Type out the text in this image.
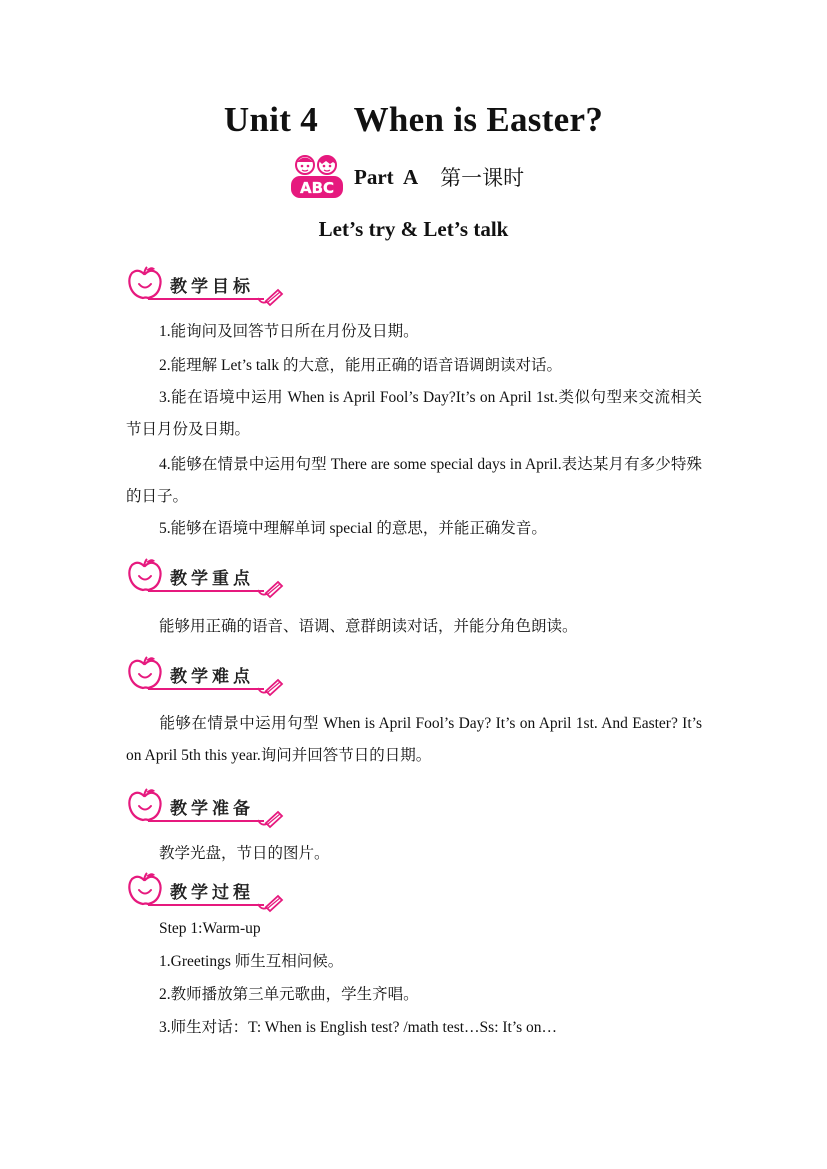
Unit 4    When is Easter?
ABC Part  A 第一课时
Let’s try & Let’s talk
教学目标
1.能询问及回答节日所在月份及日期。
2.能理解 Let’s talk 的大意，能用正确的语音语调朗读对话。
3.能在语境中运用 When is April Fool’s Day?It’s on April 1st.类似句型来交流相关节日月份及日期。
4.能够在情景中运用句型 There are some special days in April.表达某月有多少特殊的日子。
5.能够在语境中理解单词 special 的意思，并能正确发音。
教学重点
能够用正确的语音、语调、意群朗读对话，并能分角色朗读。
教学难点
能够在情景中运用句型 When is April Fool’s Day? It’s on April 1st. And Easter? It’s on April 5th this year.询问并回答节日的日期。
教学准备
教学光盘，节日的图片。
教学过程
Step 1:Warm-up
1.Greetings 师生互相问候。
2.教师播放第三单元歌曲，学生齐唱。
3.师生对话：T: When is English test? /math test…Ss: It’s on…
